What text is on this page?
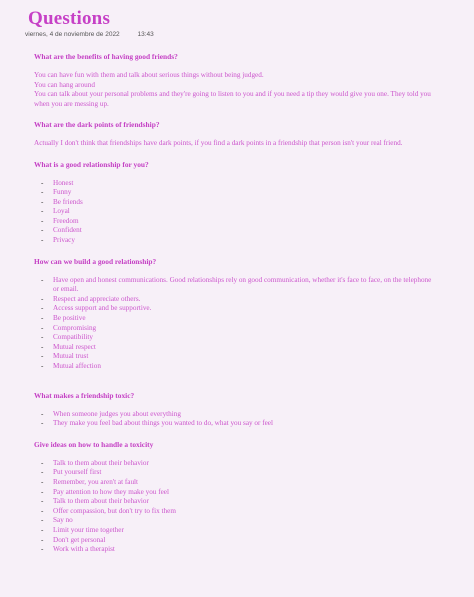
Questions
viernes, 4 de noviembre de 2022	13:43

What are the benefits of having good friends?

You can have fun with them and talk about serious things without being judged.

You can hang around

You can talk about your personal problems and they're going to listen to you and if you need a tip they would give you one. They told you when you are messing up.

What are the dark points of friendship?

Actually I don't think that friendships have dark points, if you find a dark points in a friendship that person isn't your real friend.

What is a good relationship for you?

- Honest
- Funny
- Be friends
- Loyal
- Freedom
- Confident
- Privacy

How can we build a good relationship?

- Have open and honest communications. Good relationships rely on good communication, whether it's face to face, on the telephone or email.
- Respect and appreciate others.
- Access support and be supportive.
- Be positive
- Compromising
- Compatibility
- Mutual respect
- Mutual trust
- Mutual affection

What makes a friendship toxic?

- When someone judges you about everything
- They make you feel bad about things you wanted to do, what you say or feel

Give ideas on how to handle a toxicity

- Talk to them about their behavior
- Put yourself first
- Remember, you aren't at fault
- Pay attention to how they make you feel
- Talk to them about their behavior
- Offer compassion, but don't try to fix them
- Say no
- Limit your time together
- Don't get personal
- Work with a therapist
